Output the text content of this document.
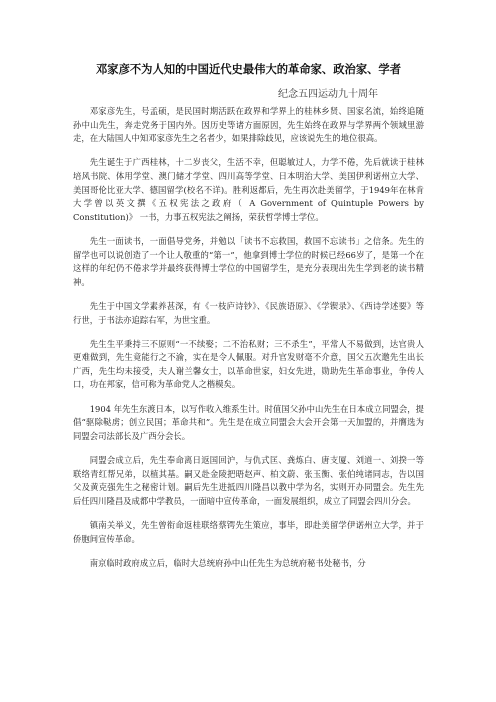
邓家彦不为人知的中国近代史最伟大的革命家、政治家、学者
纪念五四运动九十周年

邓家彦先生，号孟硕，是民国时期活跃在政界和学界上的桂林乡贤、国家名流，始终追随孙中山先生，奔走党务于国内外。因历史等诸方面原因，先生始终在政界与学界两个领域里游走，在大陆国人中知邓家彦先生之名者少，如果排除歧见，应该说先生的地位很高。

先生诞生于广西桂林，十二岁丧父，生活不幸，但聪敏过人，力学不倦，先后就读于桂林培风书院、体用学堂、澳门储才学堂、四川高等学堂、日本明治大学、美国伊利诺州立大学、美国哥伦比亚大学、德国留学(校名不详)。胜利返都后，先生再次赴美留学，于1949年在林肯大学曾以英文撰《五权宪法之政府（ A Government of Quintuple Powers by Constitution)》 一书，力事五权宪法之阐扬，荣获哲学博士学位。

先生一面读书，一面倡导党务，并勉以「读书不忘救国，救国不忘读书」之信条。先生的留学也可以说创造了一个让人敬重的“第一”，他拿到博士学位的时候已经66岁了，是第一个在这样的年纪仍不倦求学并最终获得博士学位的中国留学生，是充分表现出先生学到老的读书精神。

先生于中国文学素养甚深，有《一枝庐诗钞》、《民族语原》、《学锲录》、《西诗学述要》等行世，于书法亦追踪右军，为世宝重。

先生生平秉持三不原则“一不续娶；二不治私财；三不杀生”，平常人不易做到，达官贵人更难做到，先生竟能行之不渝，实在是令人佩服。对升官发财毫不介意，国父五次邀先生出长广西，先生均未接受，夫人谢兰馨女士，以革命世家，妇女先进，勋助先生革命事业，争传人口，功在邦家，信可称为革命党人之楷模矣。

1904 年先生东渡日本，以写作收入维系生计。时值国父孙中山先生在日本成立同盟会，提倡“驱除鞑虏；创立民国；革命共和”。先生是在成立同盟会大会开会第一天加盟的，并膺选为同盟会司法部长及广西分会长。

同盟会成立后，先生奉命离日返国回沪，与仇式匡、龚炼白、唐支厦、刘道一、刘揆一等联络青红帮兄弟，以植其基。嗣又赴金陵把晤赵声、柏文蔚、张玉衡、张伯纯诸同志，告以国父及黄克强先生之秘密计划。嗣后先生进抵四川隆昌以教中学为名，实则开办同盟会。先生先后任四川隆昌及成都中学教员，一面暗中宣传革命，一面发展组织，成立了同盟会四川分会。

镇南关举义，先生曾衔命返桂联络蔡锷先生策应，事毕，即赴美留学伊诺州立大学，并于侨胞间宣传革命。

南京临时政府成立后，临时大总统府孙中山任先生为总统府秘书处秘书，分
